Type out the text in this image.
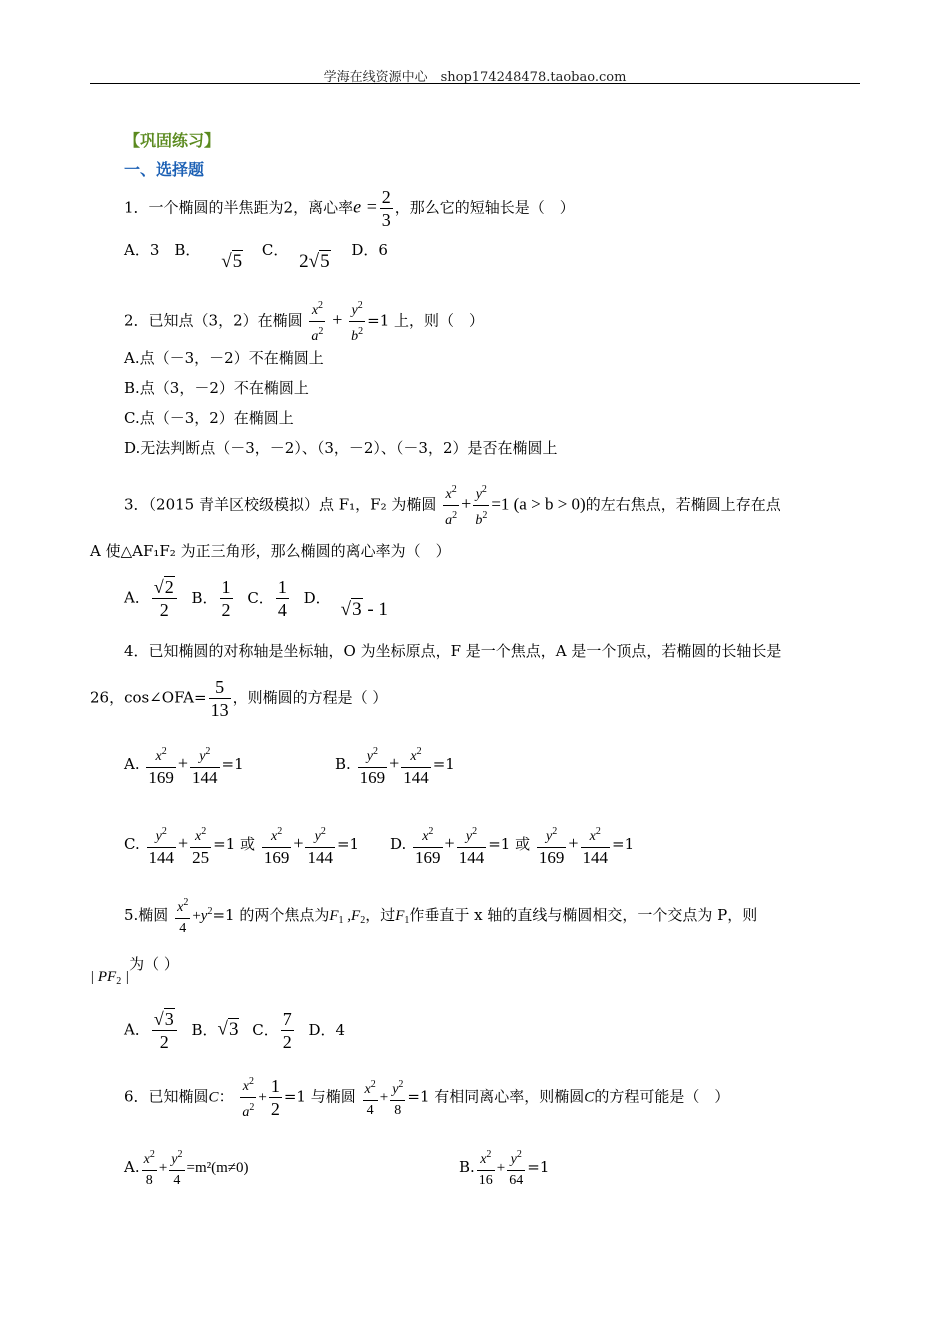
学海在线资源中心　shop174248478.taobao.com
【巩固练习】
一、选择题
1．一个椭圆的半焦距为2，离心率$e = \frac{2}{3}$ ，那么它的短轴长是（　）
A．3　B． √5 C． 2√5 D．6
2．已知点（3，2）在椭圆 $\frac{x^2}{a^2} + \frac{y^2}{b^2} =1$ 上，则（　）
A.点（－3，－2）不在椭圆上
B.点（3，－2）不在椭圆上
C.点（－3，2）在椭圆上
D.无法判断点（－3，－2）、（3，－2）、（－3，2）是否在椭圆上
3．（2015 青羊区校级模拟）点 F₁，F₂ 为椭圆 $\frac{x^2}{a^2} + \frac{y^2}{b^2} =1$ (a > b > 0)的左右焦点，若椭圆上存在点
A 使△AF₁F₂ 为正三角形，那么椭圆的离心率为（　）
A． $\frac{√2}{2}$ B． $\frac{1}{2}$ C． $\frac{1}{4}$ D．√3 - 1
4．已知椭圆的对称轴是坐标轴，O 为坐标原点，F 是一个焦点，A 是一个顶点，若椭圆的长轴长是
26，cos∠OFA= $\frac{5}{13}$ ，则椭圆的方程是（ ）
A. $\frac{x^2}{169} + \frac{y^2}{144} =1$	B. $\frac{y^2}{169} + \frac{x^2}{144} =1$
C. $\frac{y^2}{144} + \frac{x^2}{25} =1$ 或 $\frac{x^2}{169} + \frac{y^2}{144} =1$ D. $\frac{x^2}{169} + \frac{y^2}{144} =1$ 或 $\frac{y^2}{169} + \frac{x^2}{144} =1$
5.椭圆 $\frac{x^2}{4} +y^2=1$ 的两个焦点为$F_1$ $,F_2$，过$F_1$作垂直于 x 轴的直线与椭圆相交，一个交点为 P，则
| $PF_2$ |为（ ）
A． $\frac{√3}{2}$ B．√3 C． $\frac{7}{2}$ D．4
6．已知椭圆C： $\frac{x^2}{a^2} + \frac{1}{2} =1$ 与椭圆 $\frac{x^2}{4} + \frac{y^2}{8} =1$ 有相同离心率，则椭圆C的方程可能是（　）
A. $\frac{x^2}{8} + \frac{y^2}{4} =m^2(m\ne 0)$	B. $\frac{x^2}{16} + \frac{y^2}{64} =1$
